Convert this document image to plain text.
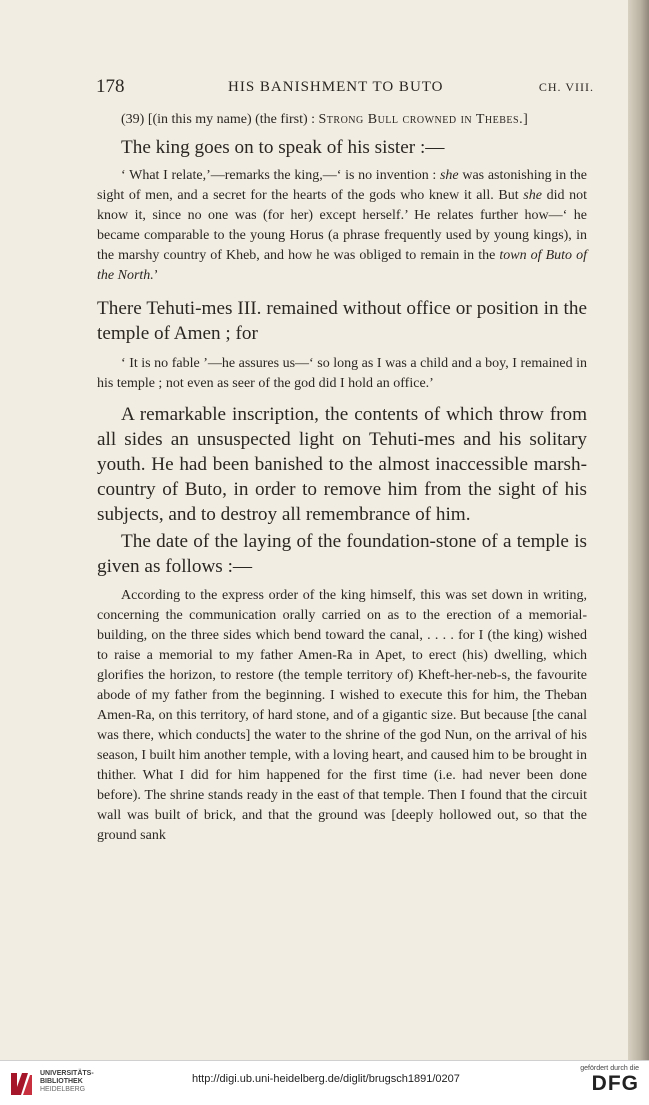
178	HIS BANISHMENT TO BUTO	CH. VIII.

(39) [(in this my name) (the first) : Strong Bull crowned in Thebes.]

The king goes on to speak of his sister :—

‘ What I relate,’—remarks the king,—‘ is no invention : she was astonishing in the sight of men, and a secret for the hearts of the gods who knew it all. But she did not know it, since no one was (for her) except herself.’ He relates further how—‘ he became comparable to the young Horus (a phrase frequently used by young kings), in the marshy country of Kheb, and how he was obliged to remain in the town of Buto of the North.’

There Tehuti-mes III. remained without office or position in the temple of Amen ; for

‘ It is no fable ’—he assures us—‘ so long as I was a child and a boy, I remained in his temple ; not even as seer of the god did I hold an office.’

A remarkable inscription, the contents of which throw from all sides an unsuspected light on Tehuti-mes and his solitary youth. He had been banished to the almost inaccessible marsh-country of Buto, in order to remove him from the sight of his subjects, and to destroy all remembrance of him.

The date of the laying of the foundation-stone of a temple is given as follows :—

According to the express order of the king himself, this was set down in writing, concerning the communication orally carried on as to the erection of a memorial-building, on the three sides which bend toward the canal, . . . . for I (the king) wished to raise a memorial to my father Amen-Ra in Apet, to erect (his) dwelling, which glorifies the horizon, to restore (the temple territory of) Kheft-her-neb-s, the favourite abode of my father from the beginning. I wished to execute this for him, the Theban Amen-Ra, on this territory, of hard stone, and of a gigantic size. But because [the canal was there, which conducts] the water to the shrine of the god Nun, on the arrival of his season, I built him another temple, with a loving heart, and caused him to be brought in thither. What I did for him happened for the first time (i.e. had never been done before). The shrine stands ready in the east of that temple. Then I found that the circuit wall was built of brick, and that the ground was [deeply hollowed out, so that the ground sank

UNIVERSITÄTS-
BIBLIOTHEK
HEIDELBERG
http://digi.ub.uni-heidelberg.de/diglit/brugsch1891/0207
gefördert durch die
DFG
